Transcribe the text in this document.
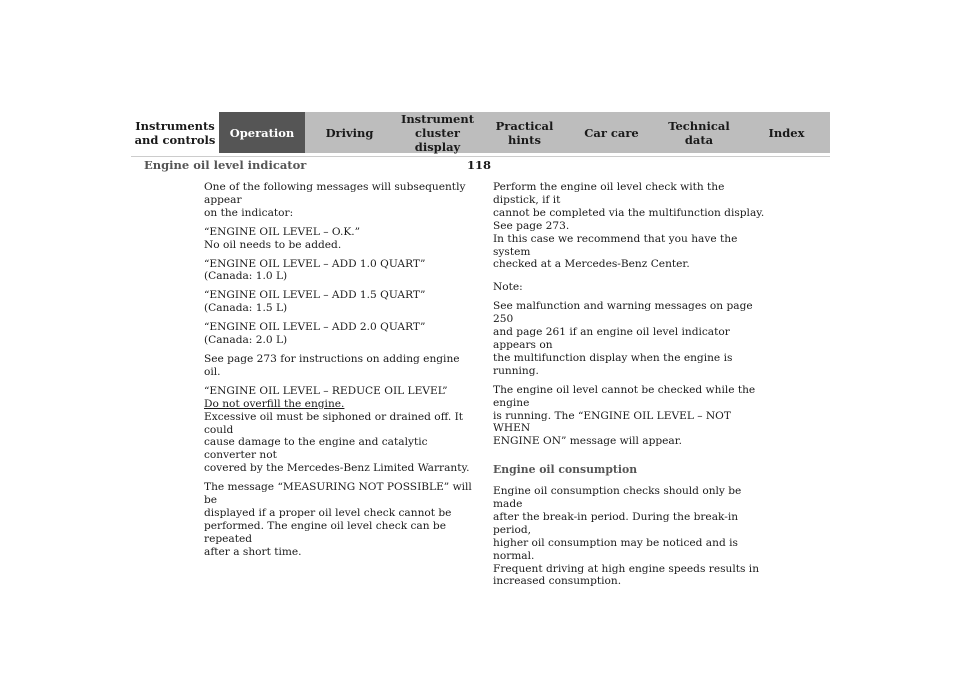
Instruments
and controls	Operation	Driving
Instrument
cluster display
Practical hints	Car care	Technical
data	Index
Engine oil level indicator	118

One of the following messages will subsequently appear
on the indicator:

“ENGINE OIL LEVEL – O.K.”
No oil needs to be added.

“ENGINE OIL LEVEL – ADD 1.0 QUART”
(Canada: 1.0 L)

“ENGINE OIL LEVEL – ADD 1.5 QUART”
(Canada: 1.5 L)

“ENGINE OIL LEVEL – ADD 2.0 QUART”
(Canada: 2.0 L)

See page 273 for instructions on adding engine oil.

“ENGINE OIL LEVEL – REDUCE OIL LEVEL”
Do not overfill the engine.
Excessive oil must be siphoned or drained off. It could
cause damage to the engine and catalytic converter not
covered by the Mercedes-Benz Limited Warranty.

The message “MEASURING NOT POSSIBLE” will be
displayed if a proper oil level check cannot be
performed. The engine oil level check can be repeated
after a short time.

Perform the engine oil level check with the dipstick, if it
cannot be completed via the multifunction display.
See page 273.
In this case we recommend that you have the system
checked at a Mercedes-Benz Center.

Note:

See malfunction and warning messages on page 250
and page 261 if an engine oil level indicator appears on
the multifunction display when the engine is running.

The engine oil level cannot be checked while the engine
is running. The “ENGINE OIL LEVEL – NOT WHEN
ENGINE ON” message will appear.

Engine oil consumption

Engine oil consumption checks should only be made
after the break-in period. During the break-in period,
higher oil consumption may be noticed and is normal.
Frequent driving at high engine speeds results in
increased consumption.
